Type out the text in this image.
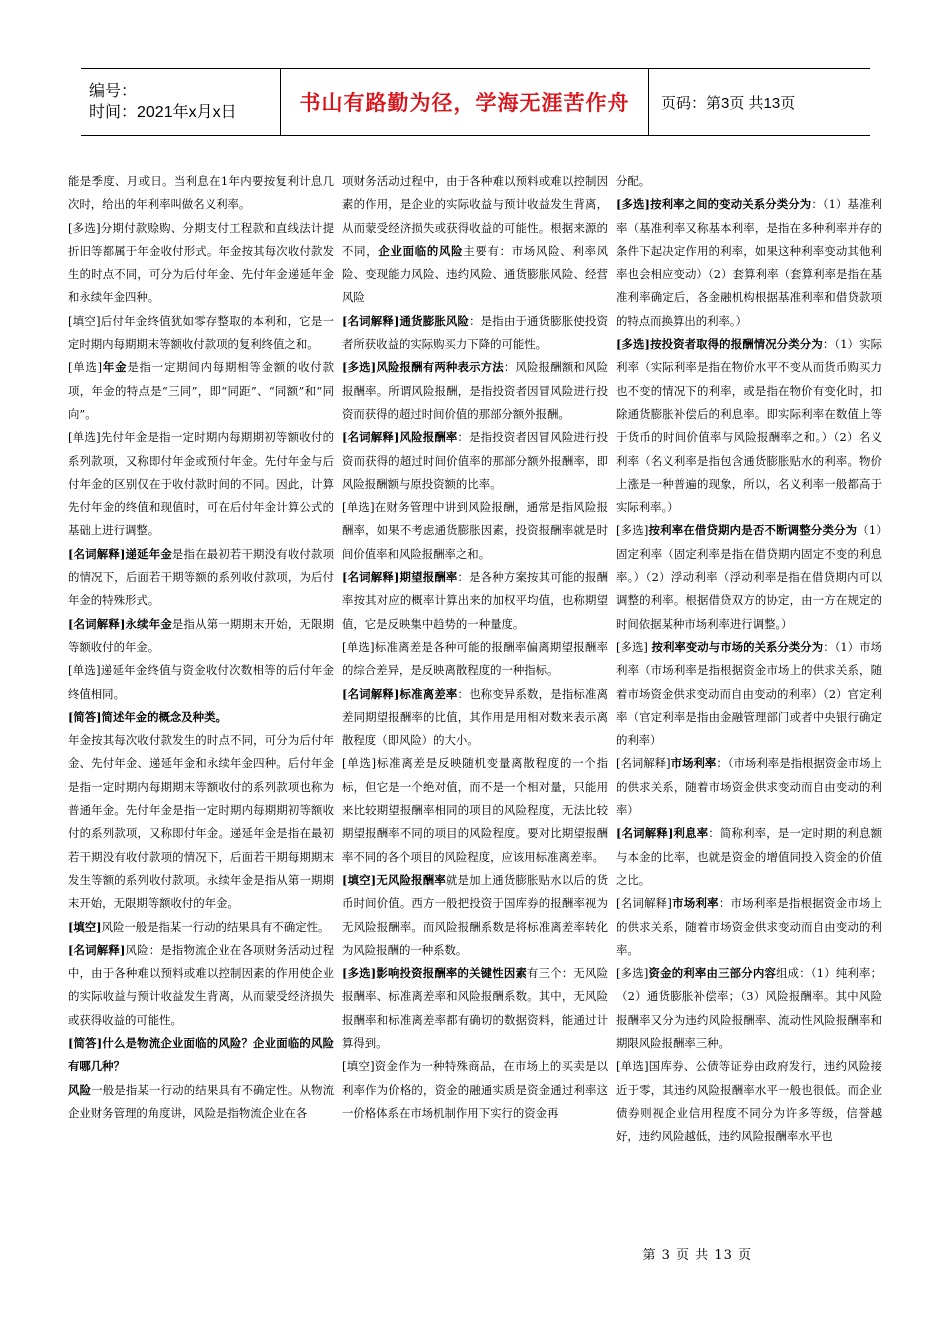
编号：
时间：2021年x月x日	书山有路勤为径，学海无涯苦作舟	页码：第3页 共13页

能是季度、月或日。当利息在1年内要按复利计息几次时，给出的年利率叫做名义利率。

[多选]分期付款赊购、分期支付工程款和直线法计提折旧等都属于年金收付形式。年金按其每次收付款发生的时点不同，可分为后付年金、先付年金递延年金和永续年金四种。

[填空]后付年金终值犹如零存整取的本利和，它是一定时期内每期期末等额收付款项的复利终值之和。

[单选]年金是指一定期间内每期相等金额的收付款项，年金的特点是“三同”，即“同距”、“同额”和“同向”。

[单选]先付年金是指一定时期内每期期初等额收付的系列款项，又称即付年金或预付年金。先付年金与后付年金的区别仅在于收付款时间的不同。因此，计算先付年金的终值和现值时，可在后付年金计算公式的基础上进行调整。

[名词解释]递延年金是指在最初若干期没有收付款项的情况下，后面若干期等额的系列收付款项，为后付年金的特殊形式。

[名词解释]永续年金是指从第一期期末开始，无限期等额收付的年金。

[单选]递延年金终值与资金收付次数相等的后付年金终值相同。

[简答]简述年金的概念及种类。

年金按其每次收付款发生的时点不同，可分为后付年金、先付年金、递延年金和永续年金四种。后付年金是指一定时期内每期期末等额收付的系列款项也称为普通年金。先付年金是指一定时期内每期期初等额收付的系列款项，又称即付年金。递延年金是指在最初若干期没有收付款项的情况下，后面若干期每期期末发生等额的系列收付款项。永续年金是指从第一期期末开始，无限期等额收付的年金。

[填空]风险一般是指某一行动的结果具有不确定性。

[名词解释]风险：是指物流企业在各项财务活动过程中，由于各种难以预料或难以控制因素的作用使企业的实际收益与预计收益发生背离，从而蒙受经济损失或获得收益的可能性。

[简答]什么是物流企业面临的风险？企业面临的风险有哪几种？

风险一般是指某一行动的结果具有不确定性。从物流企业财务管理的角度讲，风险是指物流企业在各

项财务活动过程中，由于各种难以预料或难以控制因素的作用，是企业的实际收益与预计收益发生背离，从而蒙受经济损失或获得收益的可能性。根据来源的不同，企业面临的风险主要有：市场风险、利率风险、变现能力风险、违约风险、通货膨胀风险、经营风险

[名词解释]通货膨胀风险：是指由于通货膨胀使投资者所获收益的实际购买力下降的可能性。

[多选]风险报酬有两种表示方法：风险报酬额和风险报酬率。所谓风险报酬，是指投资者因冒风险进行投资而获得的超过时间价值的那部分额外报酬。

[名词解释]风险报酬率：是指投资者因冒风险进行投资而获得的超过时间价值率的那部分额外报酬率，即风险报酬额与原投资额的比率。

[单选]在财务管理中讲到风险报酬，通常是指风险报酬率，如果不考虑通货膨胀因素，投资报酬率就是时间价值率和风险报酬率之和。

[名词解释]期望报酬率：是各种方案按其可能的报酬率按其对应的概率计算出来的加权平均值，也称期望值，它是反映集中趋势的一种量度。

[单选]标准离差是各种可能的报酬率偏离期望报酬率的综合差异，是反映离散程度的一种指标。

[名词解释]标准离差率：也称变异系数，是指标准离差同期望报酬率的比值，其作用是用相对数来表示离散程度（即风险）的大小。

[单选]标准离差是反映随机变量离散程度的一个指标，但它是一个绝对值，而不是一个相对量，只能用来比较期望报酬率相同的项目的风险程度，无法比较期望报酬率不同的项目的风险程度。要对比期望报酬率不同的各个项目的风险程度，应该用标准离差率。

[填空]无风险报酬率就是加上通货膨胀贴水以后的货币时间价值。西方一般把投资于国库券的报酬率视为无风险报酬率。而风险报酬系数是将标准离差率转化为风险报酬的一种系数。

[多选]影响投资报酬率的关键性因素有三个：无风险报酬率、标准离差率和风险报酬系数。其中，无风险报酬率和标准离差率都有确切的数据资料，能通过计算得到。

[填空]资金作为一种特殊商品，在市场上的买卖是以利率作为价格的，资金的融通实质是资金通过利率这一价格体系在市场机制作用下实行的资金再

分配。

[多选]按利率之间的变动关系分类分为：（1）基准利率（基准利率又称基本利率，是指在多种利率并存的条件下起决定作用的利率，如果这种利率变动其他利率也会相应变动）（2）套算利率（套算利率是指在基准利率确定后，各金融机构根据基准利率和借贷款项的特点而换算出的利率。）

[多选]按投资者取得的报酬情况分类分为：（1）实际利率（实际利率是指在物价水平不变从而货币购买力也不变的情况下的利率，或是指在物价有变化时，扣除通货膨胀补偿后的利息率。即实际利率在数值上等于货币的时间价值率与风险报酬率之和。）（2）名义利率（名义利率是指包含通货膨胀贴水的利率。物价上涨是一种普遍的现象，所以，名义利率一般都高于实际利率。）

[多选]按利率在借贷期内是否不断调整分类分为（1）固定利率（固定利率是指在借贷期内固定不变的利息率。）（2）浮动利率（浮动利率是指在借贷期内可以调整的利率。根据借贷双方的协定，由一方在规定的时间依据某种市场利率进行调整。）

[多选] 按利率变动与市场的关系分类分为：（1）市场利率（市场利率是指根据资金市场上的供求关系，随着市场资金供求变动而自由变动的利率）（2）官定利率（官定利率是指由金融管理部门或者中央银行确定的利率）

[名词解释]市场利率：（市场利率是指根据资金市场上的供求关系，随着市场资金供求变动而自由变动的利率）

[名词解释]利息率：简称利率，是一定时期的利息额与本金的比率，也就是资金的增值同投入资金的价值之比。

[名词解释]市场利率：市场利率是指根据资金市场上的供求关系，随着市场资金供求变动而自由变动的利率。

[多选]资金的利率由三部分内容组成：（1）纯利率；（2）通货膨胀补偿率；（3）风险报酬率。其中风险报酬率又分为违约风险报酬率、流动性风险报酬率和期限风险报酬率三种。

[单选]国库券、公债等证券由政府发行，违约风险接近于零，其违约风险报酬率水平一般也很低。而企业债券则视企业信用程度不同分为许多等级，信誉越好，违约风险越低，违约风险报酬率水平也

第 3 页 共 13 页
